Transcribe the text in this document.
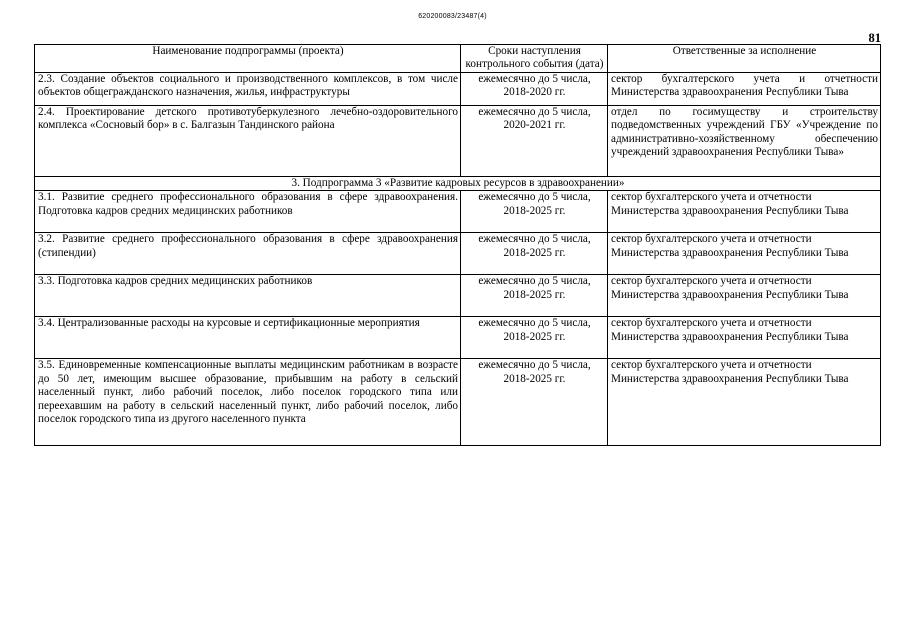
620200083/23487(4)
81
Наименование подпрограммы (проекта)	Сроки наступления контрольного события (дата)	Ответственные за исполнение
2.3. Создание объектов социального и производственного комплексов, в том числе объектов общегражданского назначения, жилья, инфраструктуры	ежемесячно до 5 числа, 2018-2020 гг.	сектор бухгалтерского учета и отчетности Министерства здравоохранения Республики Тыва
2.4. Проектирование детского противотуберкулезного лечебно-оздоровительного комплекса «Сосновый бор» в с. Балгазын Тандинского района	ежемесячно до 5 числа, 2020-2021 гг.	отдел по госимуществу и строительству подведомственных учреждений ГБУ «Учреждение по административно-хозяйственному обеспечению учреждений здравоохранения Республики Тыва»
3. Подпрограмма 3 «Развитие кадровых ресурсов в здравоохранении»		
3.1. Развитие среднего профессионального образования в сфере здравоохранения. Подготовка кадров средних медицинских работников	ежемесячно до 5 числа, 2018-2025 гг.	сектор бухгалтерского учета и отчетности Министерства здравоохранения Республики Тыва
3.2. Развитие среднего профессионального образования в сфере здравоохранения (стипендии)	ежемесячно до 5 числа, 2018-2025 гг.	сектор бухгалтерского учета и отчетности Министерства здравоохранения Республики Тыва
3.3. Подготовка кадров средних медицинских работников	ежемесячно до 5 числа, 2018-2025 гг.	сектор бухгалтерского учета и отчетности Министерства здравоохранения Республики Тыва
3.4. Централизованные расходы на курсовые и сертификационные мероприятия	ежемесячно до 5 числа, 2018-2025 гг.	сектор бухгалтерского учета и отчетности Министерства здравоохранения Республики Тыва
3.5. Единовременные компенсационные выплаты медицинским работникам в возрасте до 50 лет, имеющим высшее образование, прибывшим на работу в сельский населенный пункт, либо рабочий поселок, либо поселок городского типа или переехавшим на работу в сельский населенный пункт, либо рабочий поселок, либо поселок городского типа из другого населенного пункта	ежемесячно до 5 числа, 2018-2025 гг.	сектор бухгалтерского учета и отчетности Министерства здравоохранения Республики Тыва
